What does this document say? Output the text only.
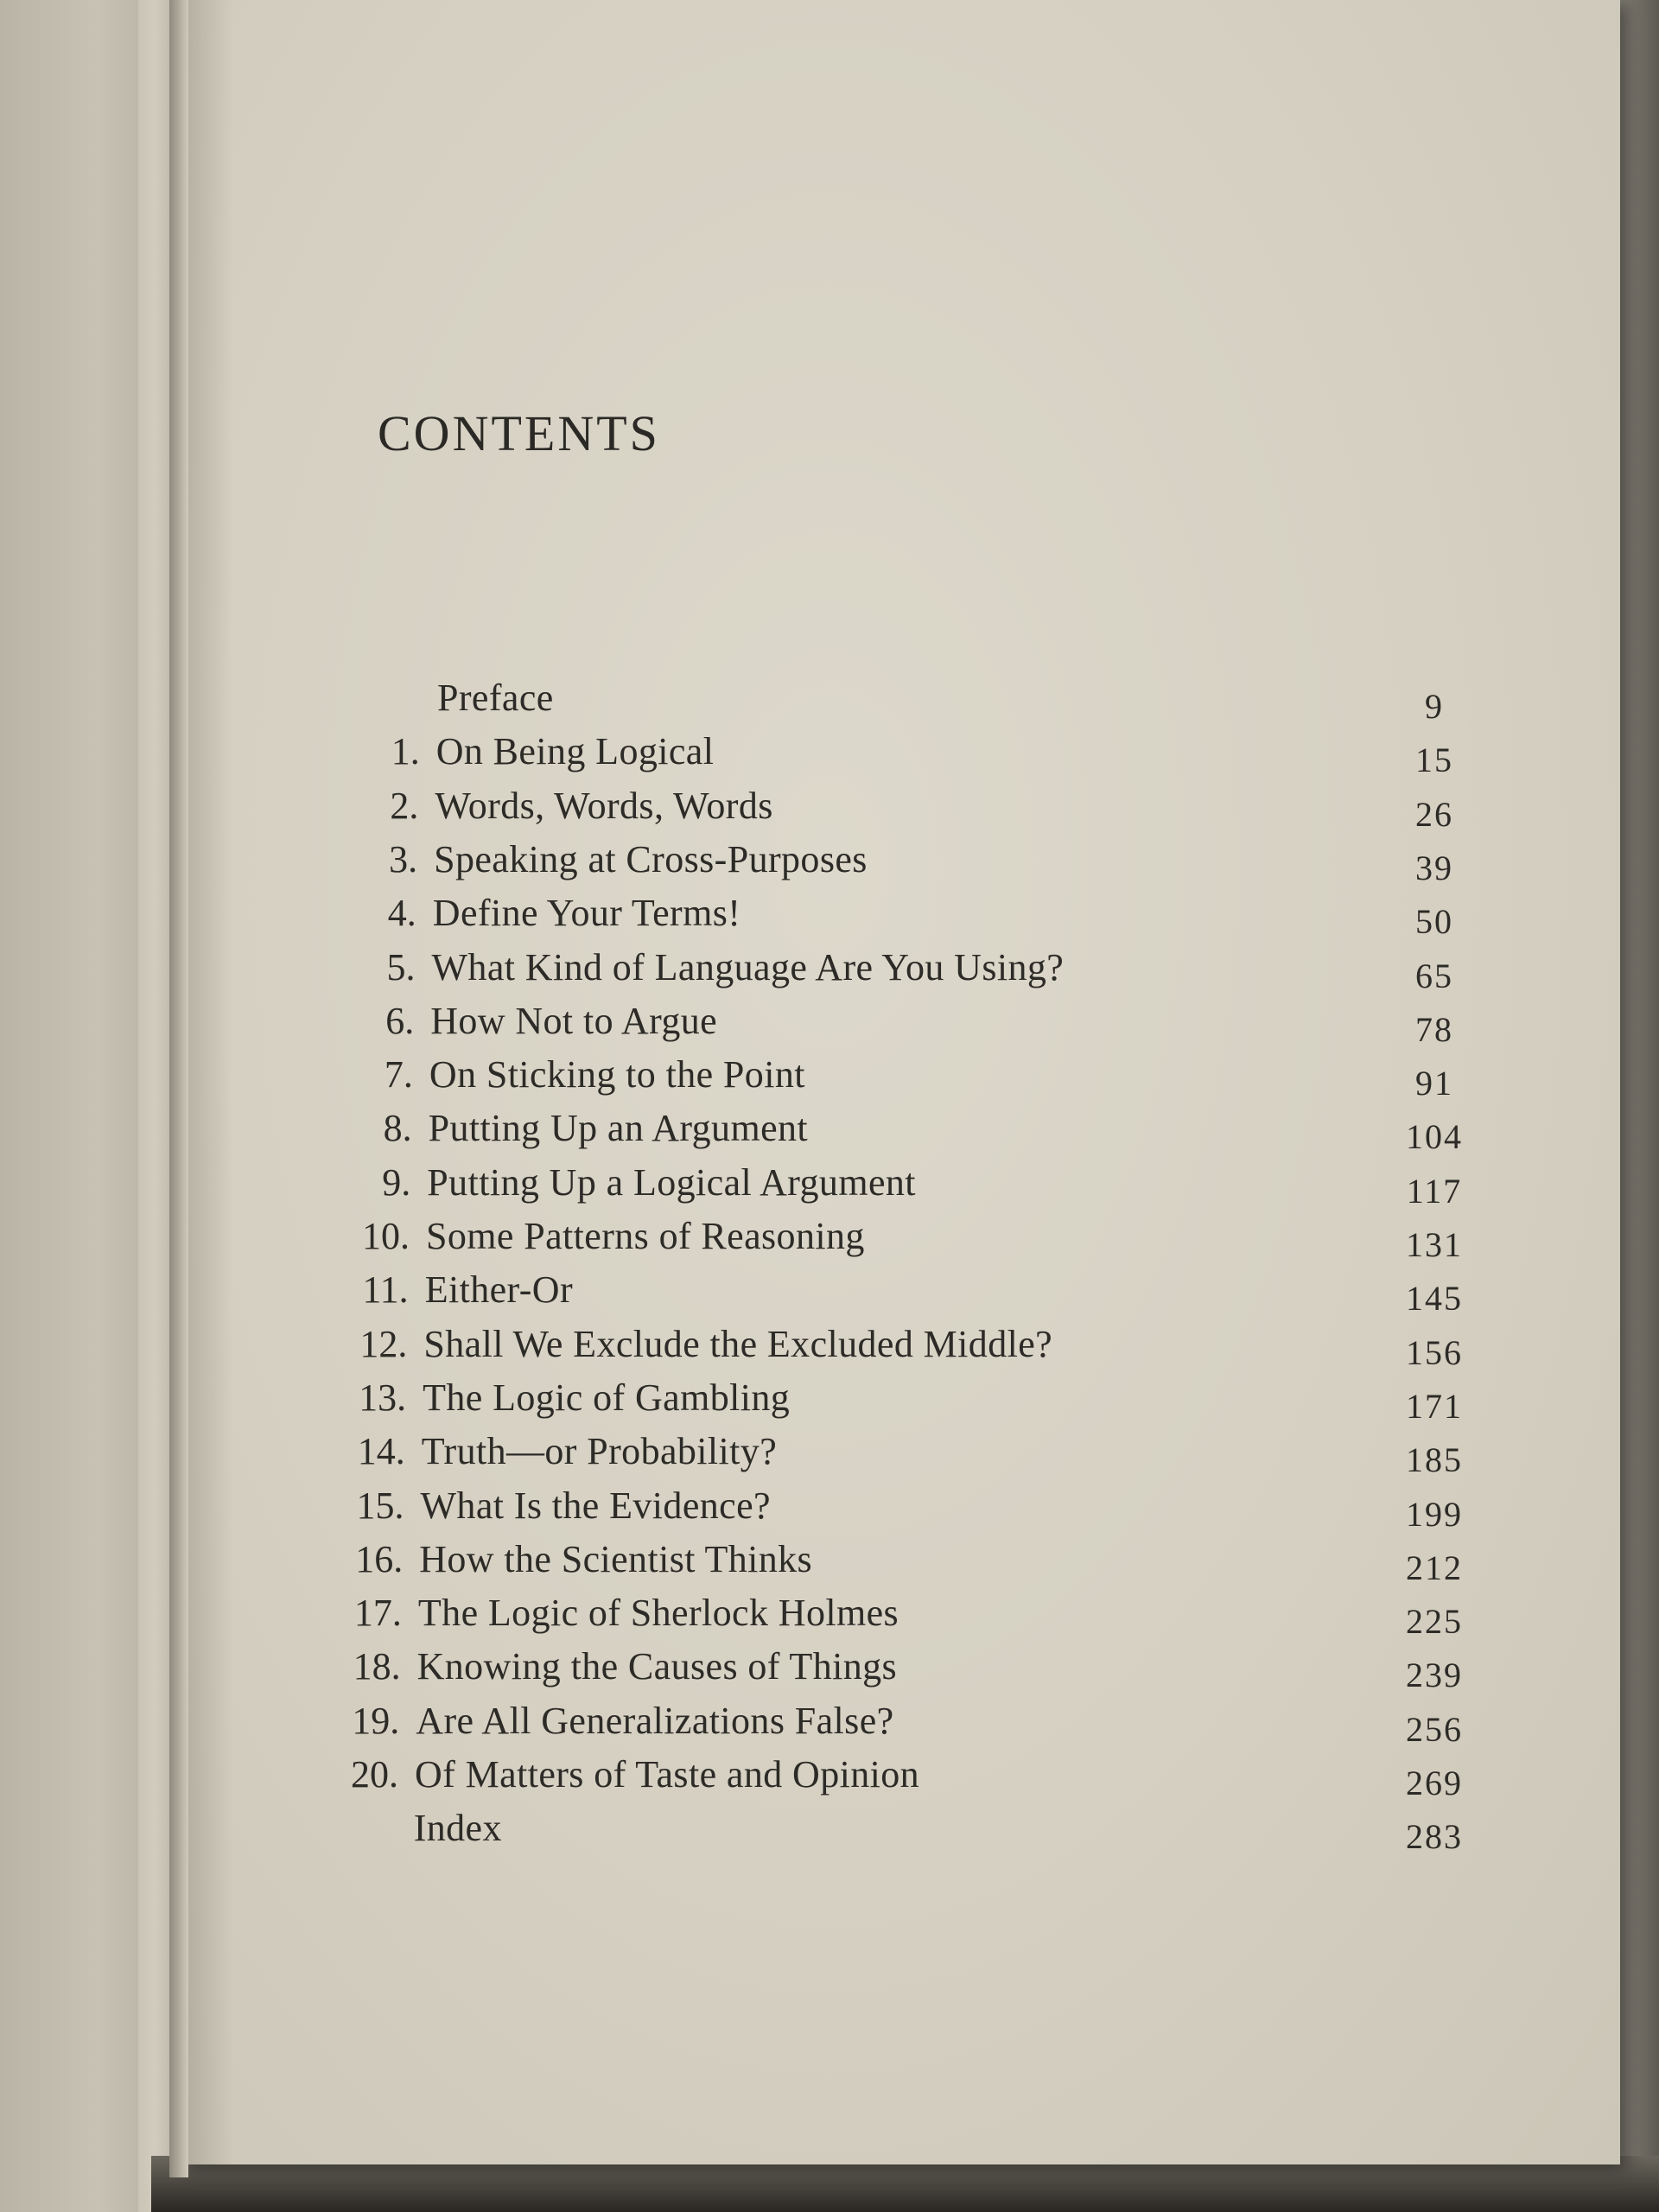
CONTENTS
Preface	9
1. On Being Logical	15
2. Words, Words, Words	26
3. Speaking at Cross-Purposes	39
4. Define Your Terms!	50
5. What Kind of Language Are You Using?	65
6. How Not to Argue	78
7. On Sticking to the Point	91
8. Putting Up an Argument	104
9. Putting Up a Logical Argument	117
10. Some Patterns of Reasoning	131
11. Either-Or	145
12. Shall We Exclude the Excluded Middle?	156
13. The Logic of Gambling	171
14. Truth—or Probability?	185
15. What Is the Evidence?	199
16. How the Scientist Thinks	212
17. The Logic of Sherlock Holmes	225
18. Knowing the Causes of Things	239
19. Are All Generalizations False?	256
20. Of Matters of Taste and Opinion	269
Index	283
